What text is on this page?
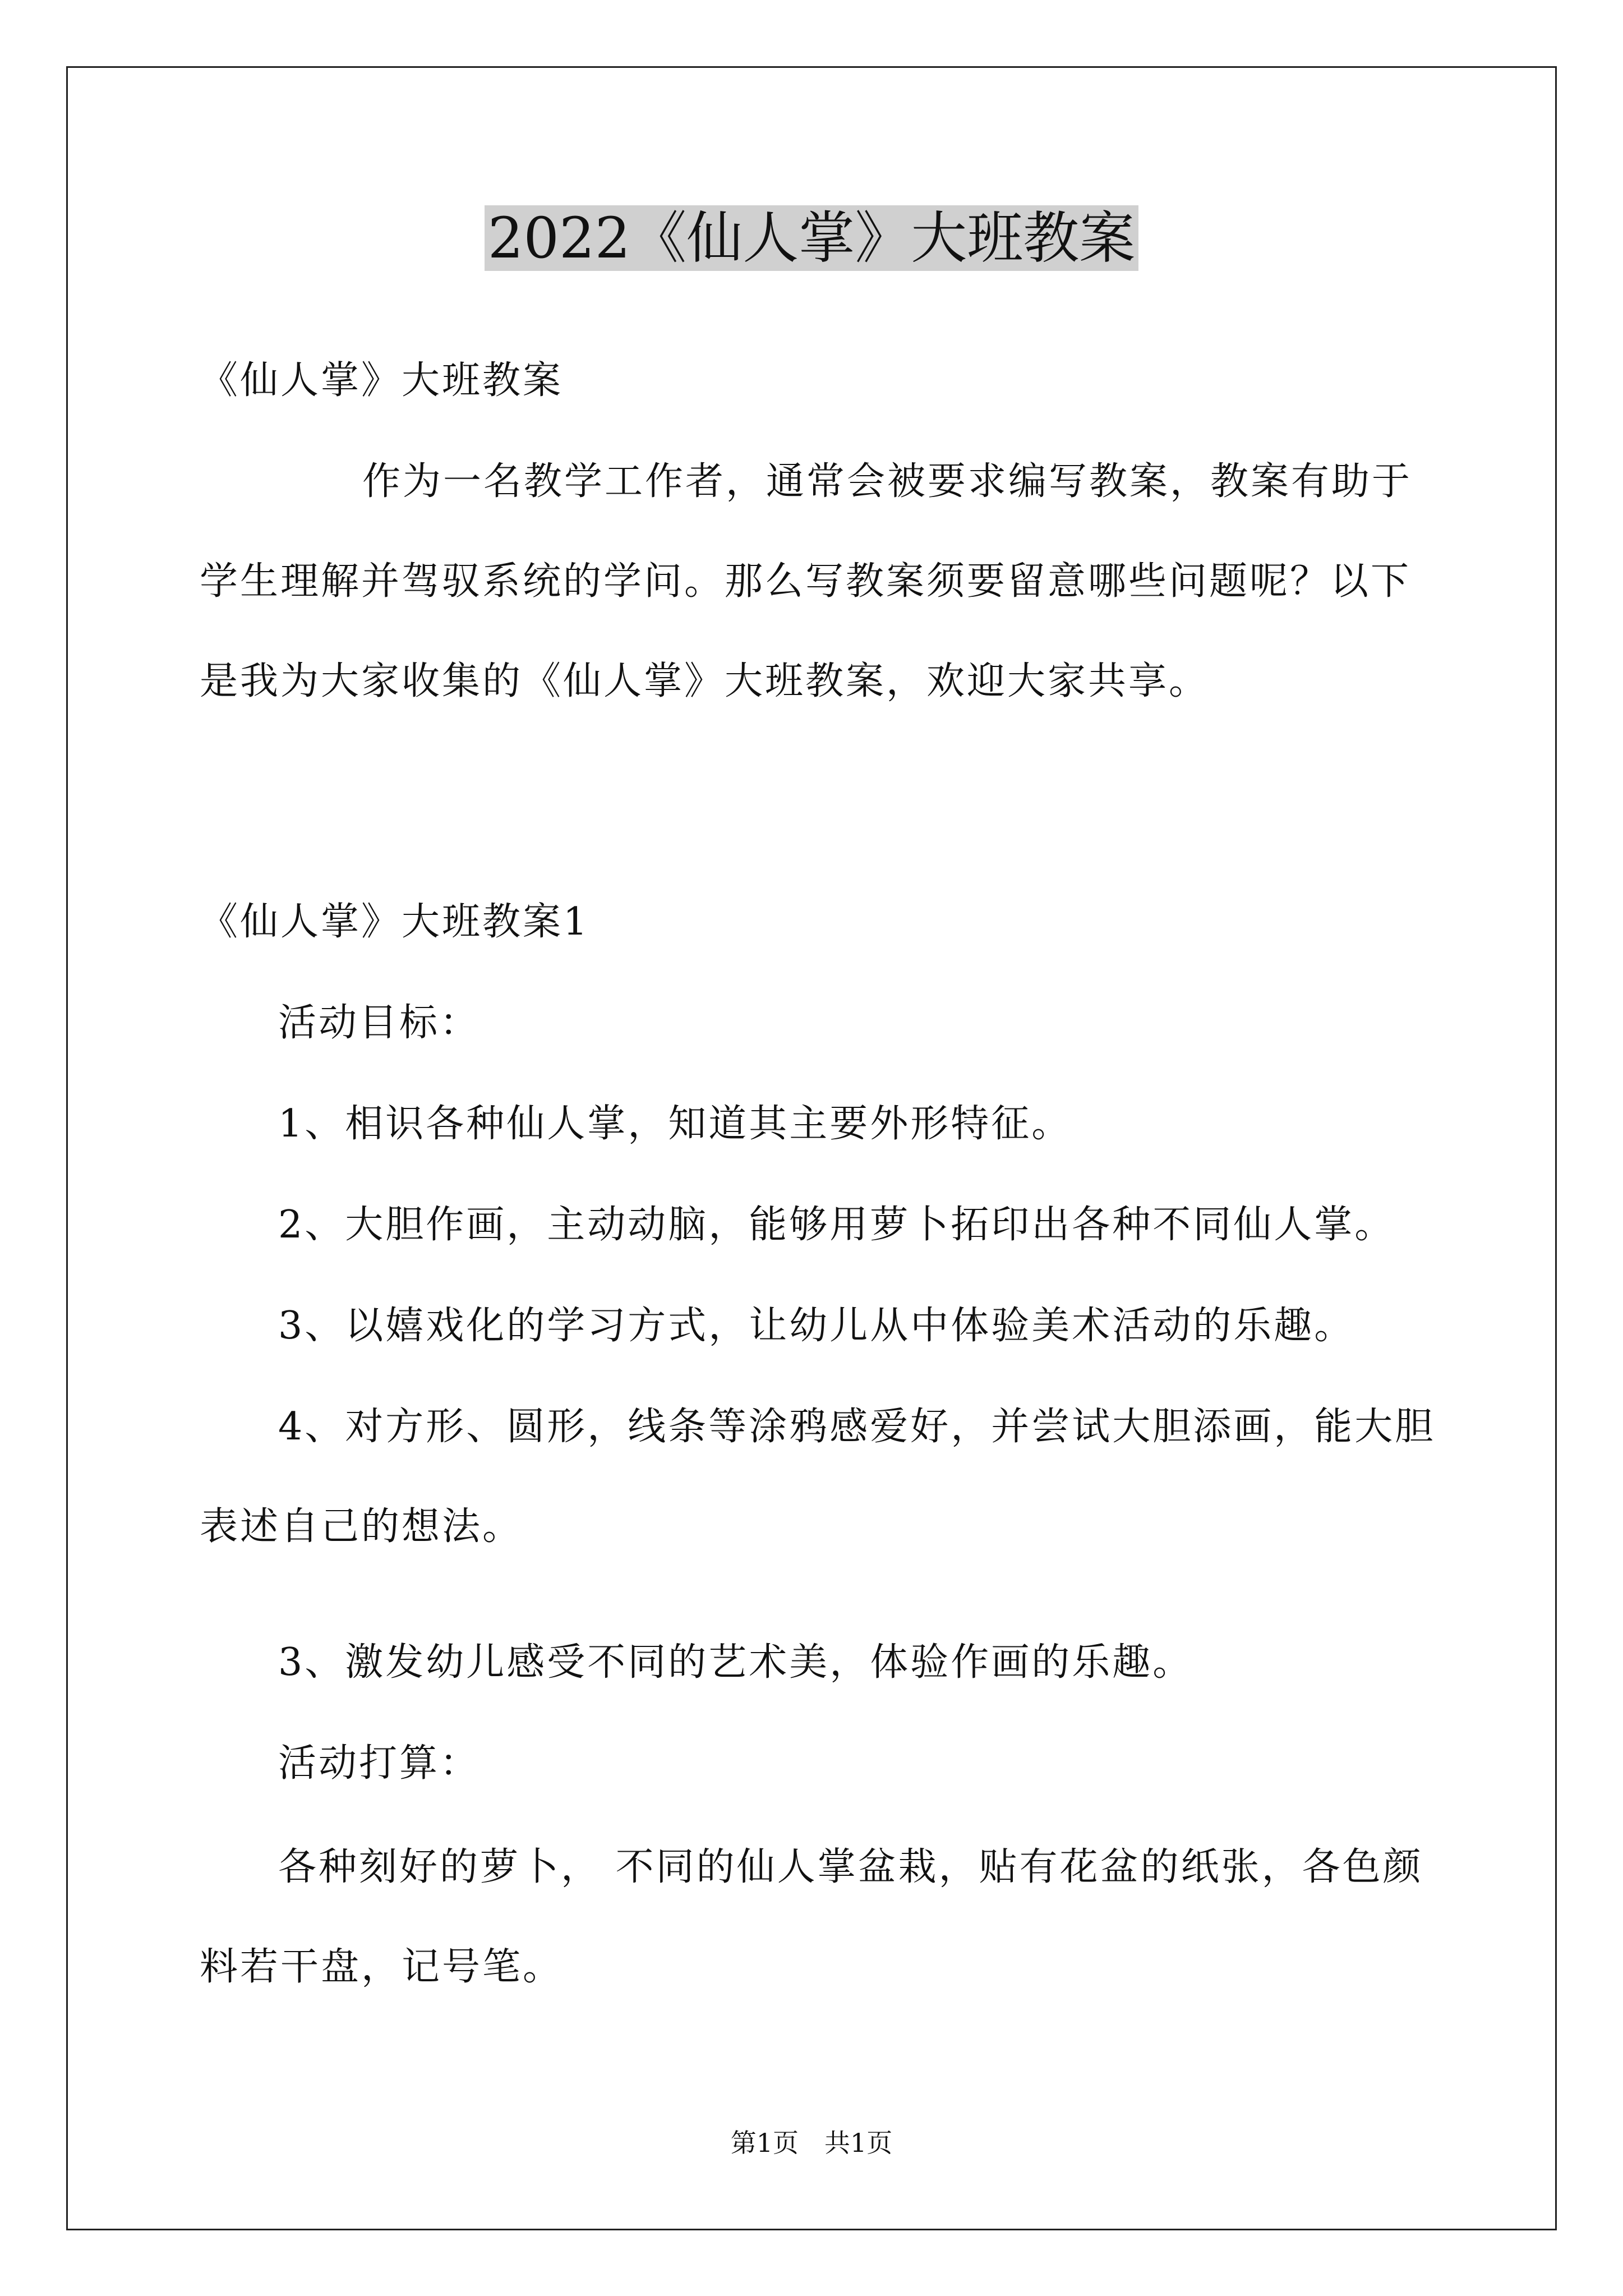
2022《仙人掌》大班教案
《仙人掌》大班教案
作为一名教学工作者，通常会被要求编写教案，教案有助于学生理解并驾驭系统的学问。那么写教案须要留意哪些问题呢？以下是我为大家收集的《仙人掌》大班教案，欢迎大家共享。
《仙人掌》大班教案1
活动目标：
1、相识各种仙人掌，知道其主要外形特征。
2、大胆作画，主动动脑，能够用萝卜拓印出各种不同仙人掌。
3、以嬉戏化的学习方式，让幼儿从中体验美术活动的乐趣。
4、对方形、圆形，线条等涂鸦感爱好，并尝试大胆添画，能大胆表述自己的想法。
3、激发幼儿感受不同的艺术美，体验作画的乐趣。
活动打算：
各种刻好的萝卜， 不同的仙人掌盆栽，贴有花盆的纸张，各色颜料若干盘，记号笔。
第1页　共1页
